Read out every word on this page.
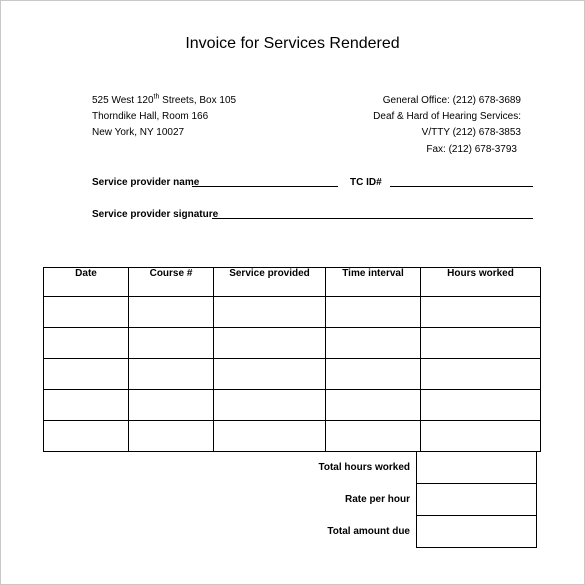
Invoice for Services Rendered
525 West 120th Streets, Box 105
Thorndike Hall, Room 166
New York, NY 10027
General Office: (212) 678-3689
Deaf & Hard of Hearing Services:
V/TTY (212) 678-3853
Fax: (212) 678-3793
Service provider name	TC ID#
Service provider signature
Date	Course #	Service provided	Time interval	Hours worked

Total hours worked	
Rate per hour	
Total amount due	
